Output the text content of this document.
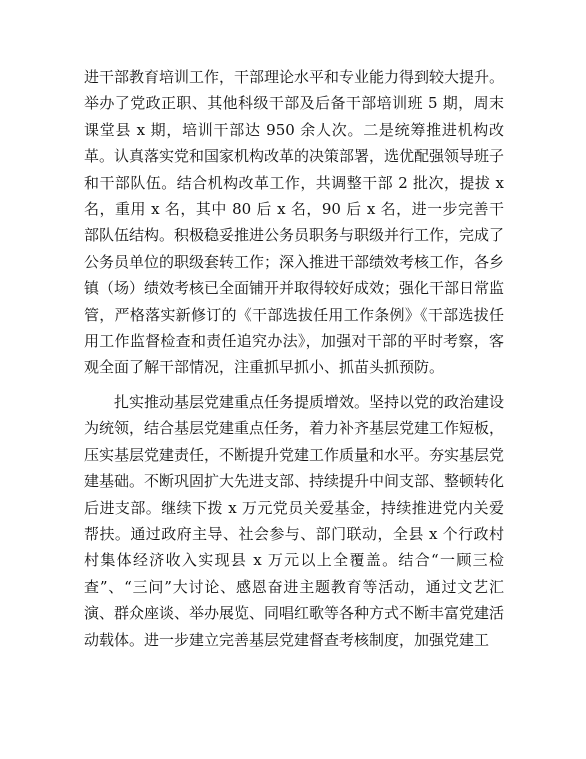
进干部教育培训工作，干部理论水平和专业能力得到较大提升。举办了党政正职、其他科级干部及后备干部培训班 5 期，周末课堂县 x 期，培训干部达 950 余人次。二是统筹推进机构改革。认真落实党和国家机构改革的决策部署，选优配强领导班子和干部队伍。结合机构改革工作，共调整干部 2 批次，提拔 x 名，重用 x 名，其中 80 后 x 名，90 后 x 名，进一步完善干部队伍结构。积极稳妥推进公务员职务与职级并行工作，完成了公务员单位的职级套转工作；深入推进干部绩效考核工作，各乡镇（场）绩效考核已全面铺开并取得较好成效；强化干部日常监管，严格落实新修订的《干部选拔任用工作条例》《干部选拔任用工作监督检查和责任追究办法》，加强对干部的平时考察，客观全面了解干部情况，注重抓早抓小、抓苗头抓预防。

扎实推动基层党建重点任务提质增效。坚持以党的政治建设为统领，结合基层党建重点任务，着力补齐基层党建工作短板，压实基层党建责任，不断提升党建工作质量和水平。夯实基层党建基础。不断巩固扩大先进支部、持续提升中间支部、整顿转化后进支部。继续下拨 x 万元党员关爱基金，持续推进党内关爱帮扶。通过政府主导、社会参与、部门联动，全县 x 个行政村村集体经济收入实现县 x 万元以上全覆盖。结合“一顾三检查”、“三问”大讨论、感恩奋进主题教育等活动，通过文艺汇演、群众座谈、举办展览、同唱红歌等各种方式不断丰富党建活动载体。进一步建立完善基层党建督查考核制度，加强党建工
